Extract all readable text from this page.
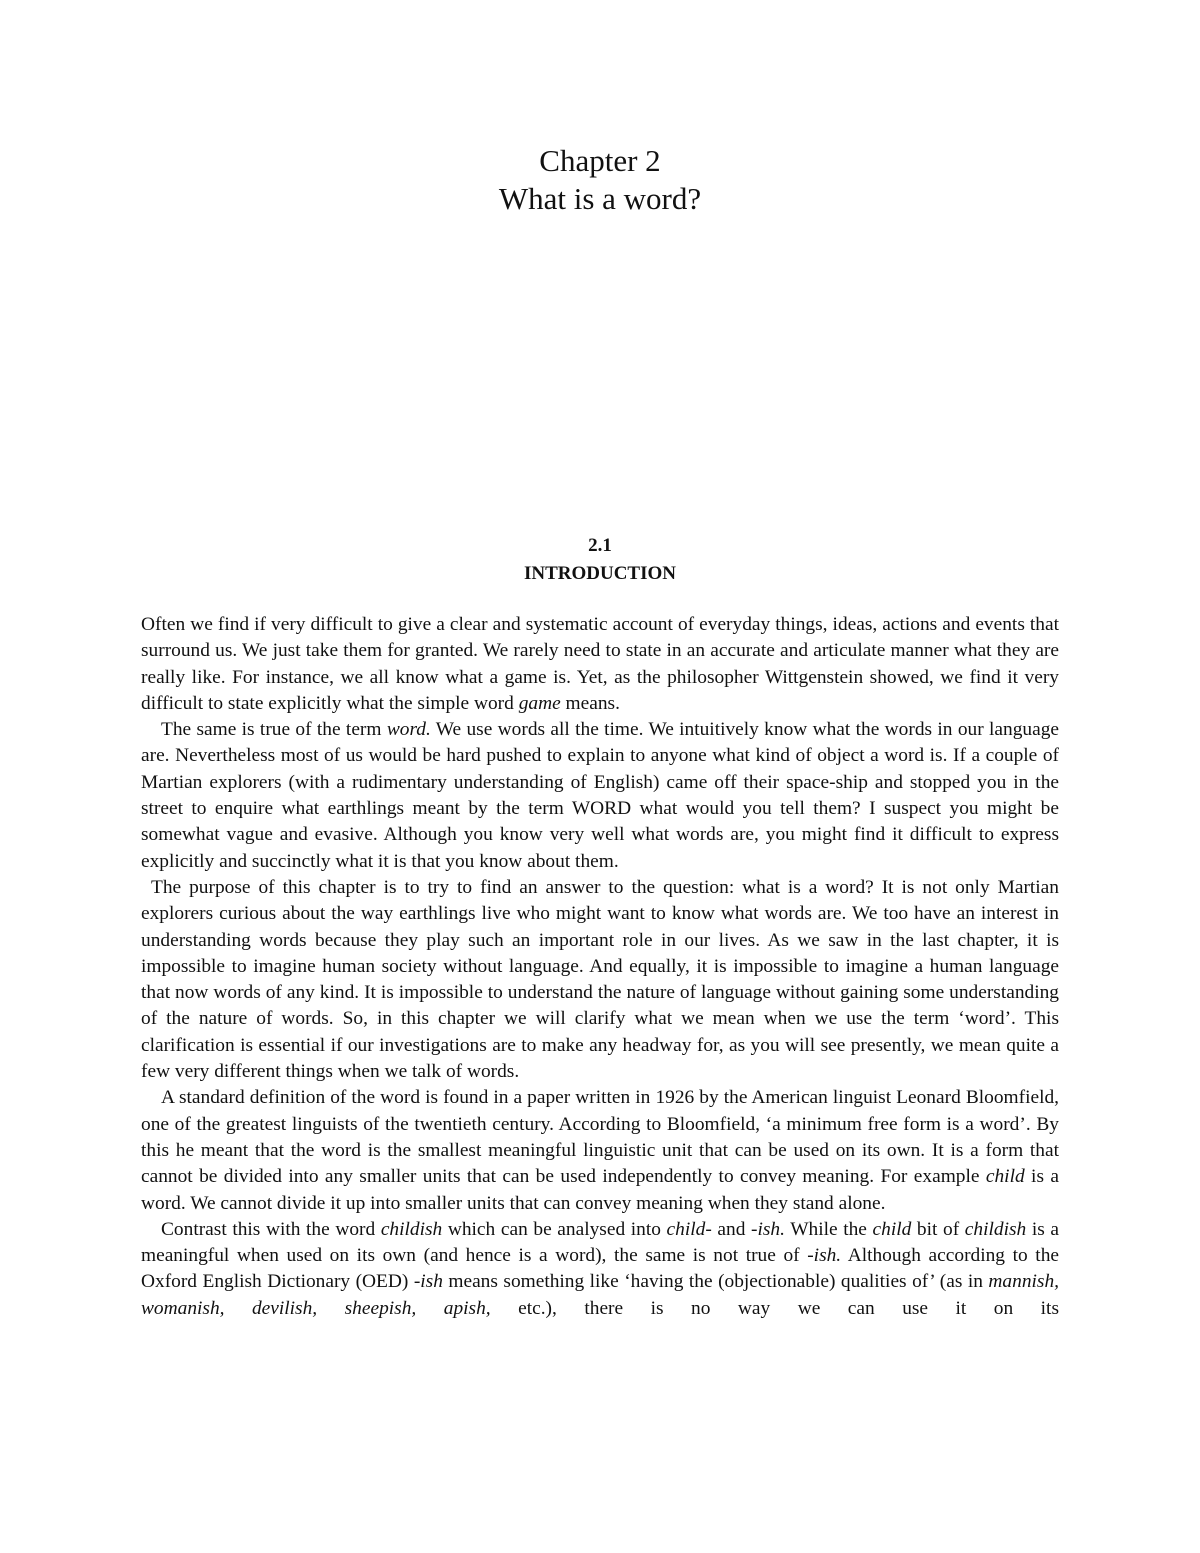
Chapter 2
What is a word?
2.1
INTRODUCTION

Often we find if very difficult to give a clear and systematic account of everyday things, ideas, actions and events that surround us. We just take them for granted. We rarely need to state in an accurate and articulate manner what they are really like. For instance, we all know what a game is. Yet, as the philosopher Wittgenstein showed, we find it very difficult to state explicitly what the simple word game means.

The same is true of the term word. We use words all the time. We intuitively know what the words in our language are. Nevertheless most of us would be hard pushed to explain to anyone what kind of object a word is. If a couple of Martian explorers (with a rudimentary understanding of English) came off their space-ship and stopped you in the street to enquire what earthlings meant by the term WORD what would you tell them? I suspect you might be somewhat vague and evasive. Although you know very well what words are, you might find it difficult to express explicitly and succinctly what it is that you know about them.

The purpose of this chapter is to try to find an answer to the question: what is a word? It is not only Martian explorers curious about the way earthlings live who might want to know what words are. We too have an interest in understanding words because they play such an important role in our lives. As we saw in the last chapter, it is impossible to imagine human society without language. And equally, it is impossible to imagine a human language that now words of any kind. It is impossible to understand the nature of language without gaining some understanding of the nature of words. So, in this chapter we will clarify what we mean when we use the term ‘word’. This clarification is essential if our investigations are to make any headway for, as you will see presently, we mean quite a few very different things when we talk of words.

A standard definition of the word is found in a paper written in 1926 by the American linguist Leonard Bloomfield, one of the greatest linguists of the twentieth century. According to Bloomfield, ‘a minimum free form is a word’. By this he meant that the word is the smallest meaningful linguistic unit that can be used on its own. It is a form that cannot be divided into any smaller units that can be used independently to convey meaning. For example child is a word. We cannot divide it up into smaller units that can convey meaning when they stand alone.

Contrast this with the word childish which can be analysed into child- and -ish. While the child bit of childish is a meaningful when used on its own (and hence is a word), the same is not true of -ish. Although according to the Oxford English Dictionary (OED) -ish means something like ‘having the (objectionable) qualities of’ (as in mannish, womanish, devilish, sheepish, apish, etc.), there is no way we can use it on its
